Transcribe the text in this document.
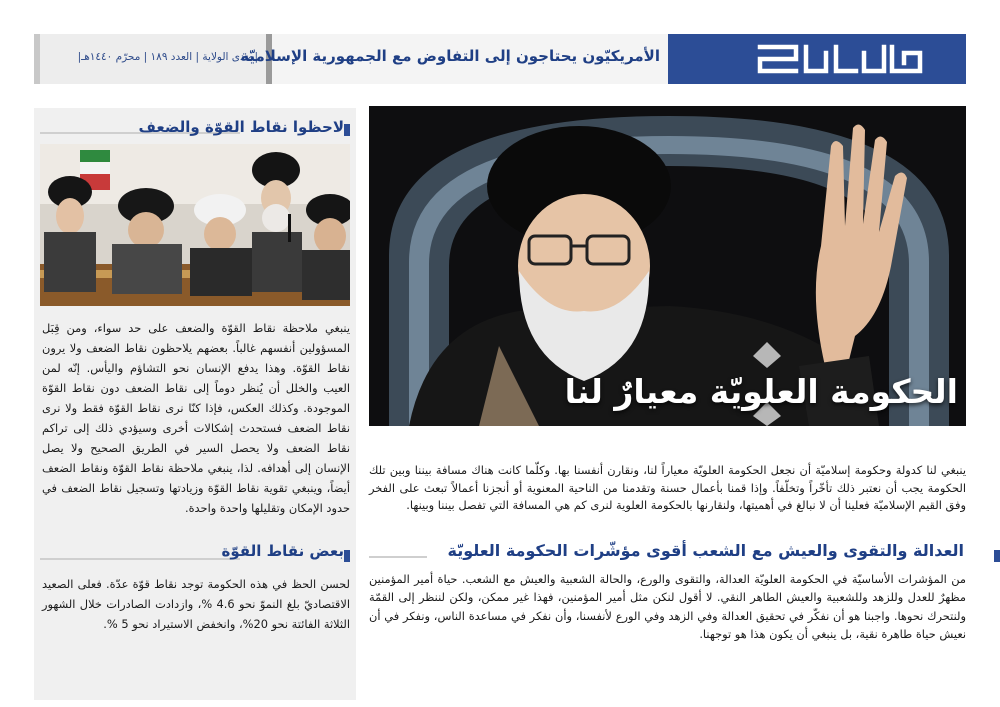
|صدى الولاية | العدد ١٨٩ | محرّم ١٤٤٠هـ|
الأمريكيّون يحتاجون إلى التفاوض مع الجمهورية الإسلاميّة
لاحظوا نقاط القوّة والضعف

ينبغي ملاحظة نقاط القوّة والضعف على حد سواء، ومن قِبَل المسؤولين أنفسهم غالباً. بعضهم يلاحظون نقاط الضعف ولا يرون نقاط القوّة. وهذا يدفع الإنسان نحو التشاؤم واليأس. إنّه لمن العيب والخلل أن يُنظر دوماً إلى نقاط الضعف دون نقاط القوّة الموجودة. وكذلك العكس، فإذا كنّا نرى نقاط القوّة فقط ولا نرى نقاط الضعف فستحدث إشكالات أخرى وسيؤدي ذلك إلى تراكم نقاط الضعف ولا يحصل السير في الطريق الصحيح ولا يصل الإنسان إلى أهدافه. لذا، ينبغي ملاحظة نقاط القوّة ونقاط الضعف أيضاً، وينبغي تقوية نقاط القوّة وزيادتها وتسجيل نقاط الضعف في حدود الإمكان وتقليلها واحدة واحدة.

بعض نقاط القوّة

لحسن الحظ في هذه الحكومة توجد نقاط قوّة عدّة. فعلى الصعيد الاقتصاديّ بلغ النموّ نحو 4.6 %، وازدادت الصادرات خلال الشهور الثلاثة الفائتة نحو 20%، وانخفض الاستيراد نحو 5 %.

الحكومة العلويّة معيارٌ لنا

ينبغي لنا كدولة وحكومة إسلاميّة أن نجعل الحكومة العلويّة معياراً لنا، ونقارن أنفسنا بها. وكلّما كانت هناك مسافة بيننا وبين تلك الحكومة يجب أن نعتبر ذلك تأخّراً وتخلّفاً. وإذا قمنا بأعمال حسنة وتقدمنا من الناحية المعنوية أو أنجزنا أعمالاً تبعث على الفخر وفق القيم الإسلاميّة فعلينا أن لا نبالغ في أهميتها، ولنقارنها بالحكومة العلوية لنرى كم هي المسافة التي تفصل بيننا وبينها.

العدالة والتقوى والعيش مع الشعب أقوى مؤشّرات الحكومة العلويّة

من المؤشرات الأساسيّة في الحكومة العلويّة العدالة، والتقوى والورع، والحالة الشعبية والعيش مع الشعب. حياة أمير المؤمنين مظهرٌ للعدل وللزهد وللشعبية والعيش الطاهر النقي. لا أقول لنكن مثل أمير المؤمنين، فهذا غير ممكن، ولكن لننظر إلى القمّة ولنتحرك نحوها. واجبنا هو أن نفكّر في تحقيق العدالة وفي الزهد وفي الورع لأنفسنا، وأن نفكر في مساعدة الناس، ونفكر في أن نعيش حياة طاهرة نقية، بل ينبغي أن يكون هذا هو توجهنا.
